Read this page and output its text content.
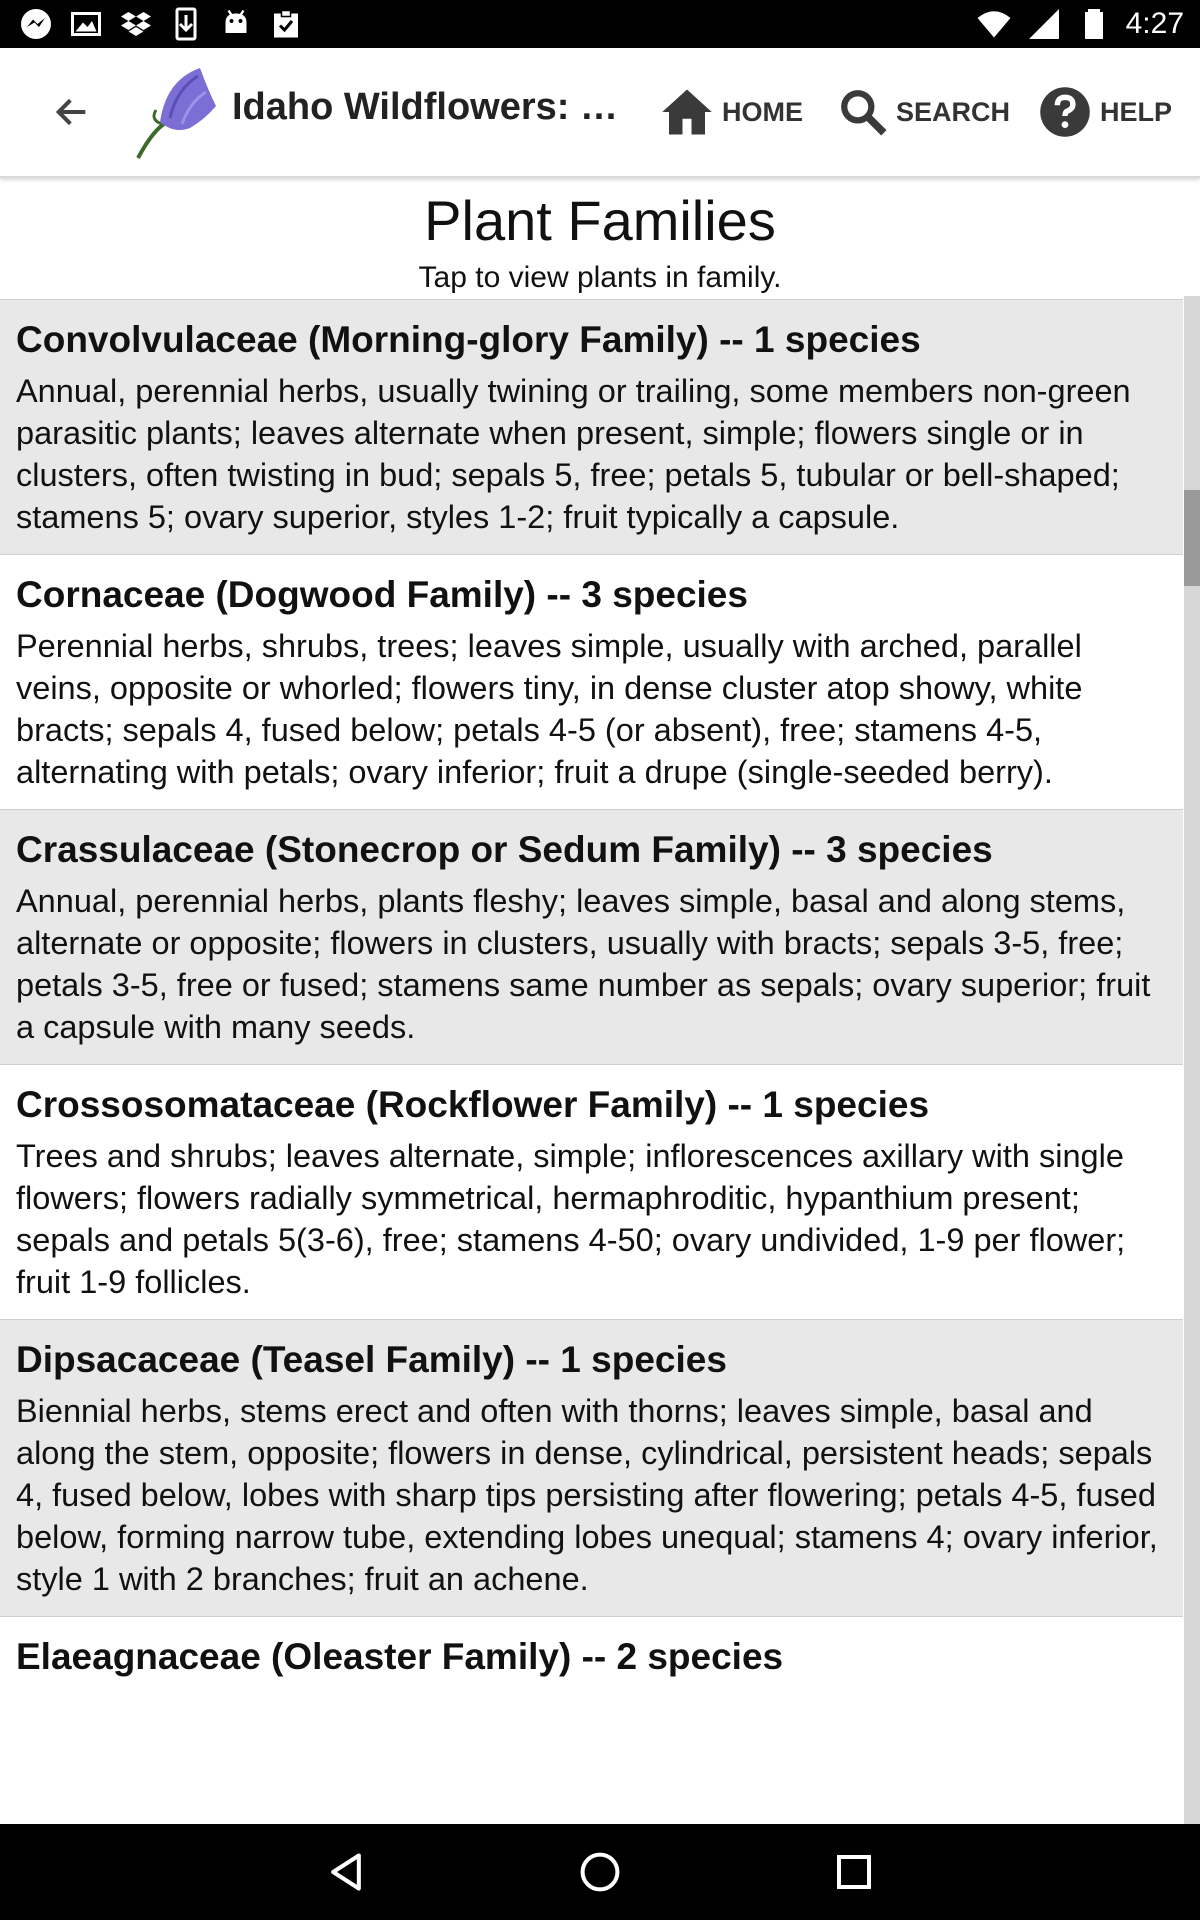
4:27
Idaho Wildflowers: P...	HOME	SEARCH	HELP
Plant Families
Tap to view plants in family.
Convolvulaceae (Morning-glory Family) -- 1 species
Annual, perennial herbs, usually twining or trailing, some members non-green parasitic plants; leaves alternate when present, simple; flowers single or in clusters, often twisting in bud; sepals 5, free; petals 5, tubular or bell-shaped; stamens 5; ovary superior, styles 1-2; fruit typically a capsule.
Cornaceae (Dogwood Family) -- 3 species
Perennial herbs, shrubs, trees; leaves simple, usually with arched, parallel veins, opposite or whorled; flowers tiny, in dense cluster atop showy, white bracts; sepals 4, fused below; petals 4-5 (or absent), free; stamens 4-5, alternating with petals; ovary inferior; fruit a drupe (single-seeded berry).
Crassulaceae (Stonecrop or Sedum Family) -- 3 species
Annual, perennial herbs, plants fleshy; leaves simple, basal and along stems, alternate or opposite; flowers in clusters, usually with bracts; sepals 3-5, free; petals 3-5, free or fused; stamens same number as sepals; ovary superior; fruit a capsule with many seeds.
Crossosomataceae (Rockflower Family) -- 1 species
Trees and shrubs; leaves alternate, simple; inflorescences axillary with single flowers; flowers radially symmetrical, hermaphroditic, hypanthium present; sepals and petals 5(3-6), free; stamens 4-50; ovary undivided, 1-9 per flower; fruit 1-9 follicles.
Dipsacaceae (Teasel Family) -- 1 species
Biennial herbs, stems erect and often with thorns; leaves simple, basal and along the stem, opposite; flowers in dense, cylindrical, persistent heads; sepals 4, fused below, lobes with sharp tips persisting after flowering; petals 4-5, fused below, forming narrow tube, extending lobes unequal; stamens 4; ovary inferior, style 1 with 2 branches; fruit an achene.
Elaeagnaceae (Oleaster Family) -- 2 species
